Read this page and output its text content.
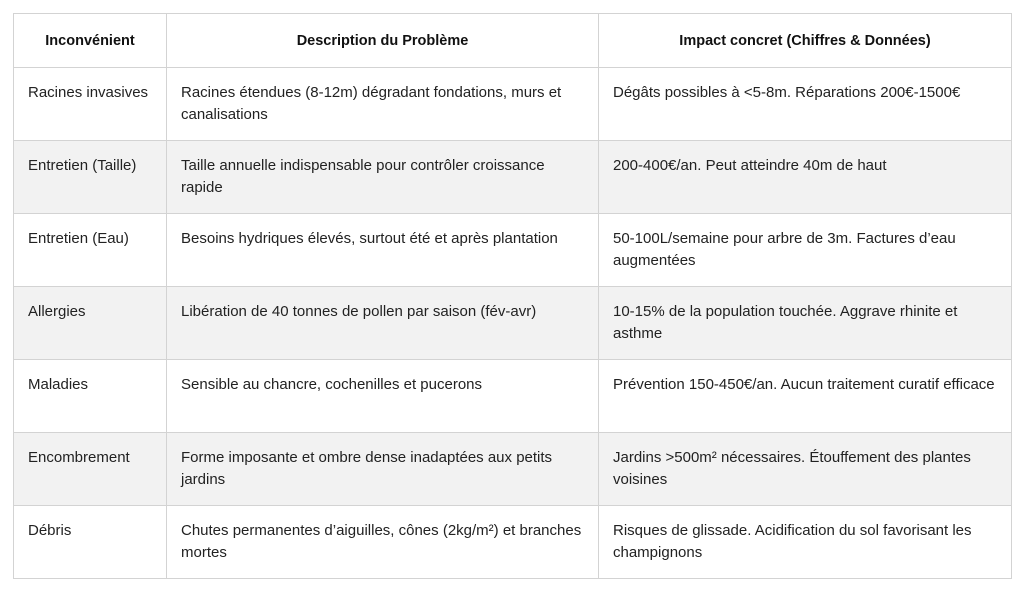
Inconvénient	Description du Problème	Impact concret (Chiffres & Données)
Racines invasives	Racines étendues (8-12m) dégradant fondations, murs et canalisations	Dégâts possibles à <5-8m. Réparations 200€-1500€
Entretien (Taille)	Taille annuelle indispensable pour contrôler croissance rapide	200-400€/an. Peut atteindre 40m de haut
Entretien (Eau)	Besoins hydriques élevés, surtout été et après plantation	50-100L/semaine pour arbre de 3m. Factures d’eau augmentées
Allergies	Libération de 40 tonnes de pollen par saison (fév-avr)	10-15% de la population touchée. Aggrave rhinite et asthme
Maladies	Sensible au chancre, cochenilles et pucerons	Prévention 150-450€/an. Aucun traitement curatif efficace
Encombrement	Forme imposante et ombre dense inadaptées aux petits jardins	Jardins >500m² nécessaires. Étouffement des plantes voisines
Débris	Chutes permanentes d’aiguilles, cônes (2kg/m²) et branches mortes	Risques de glissade. Acidification du sol favorisant les champignons
